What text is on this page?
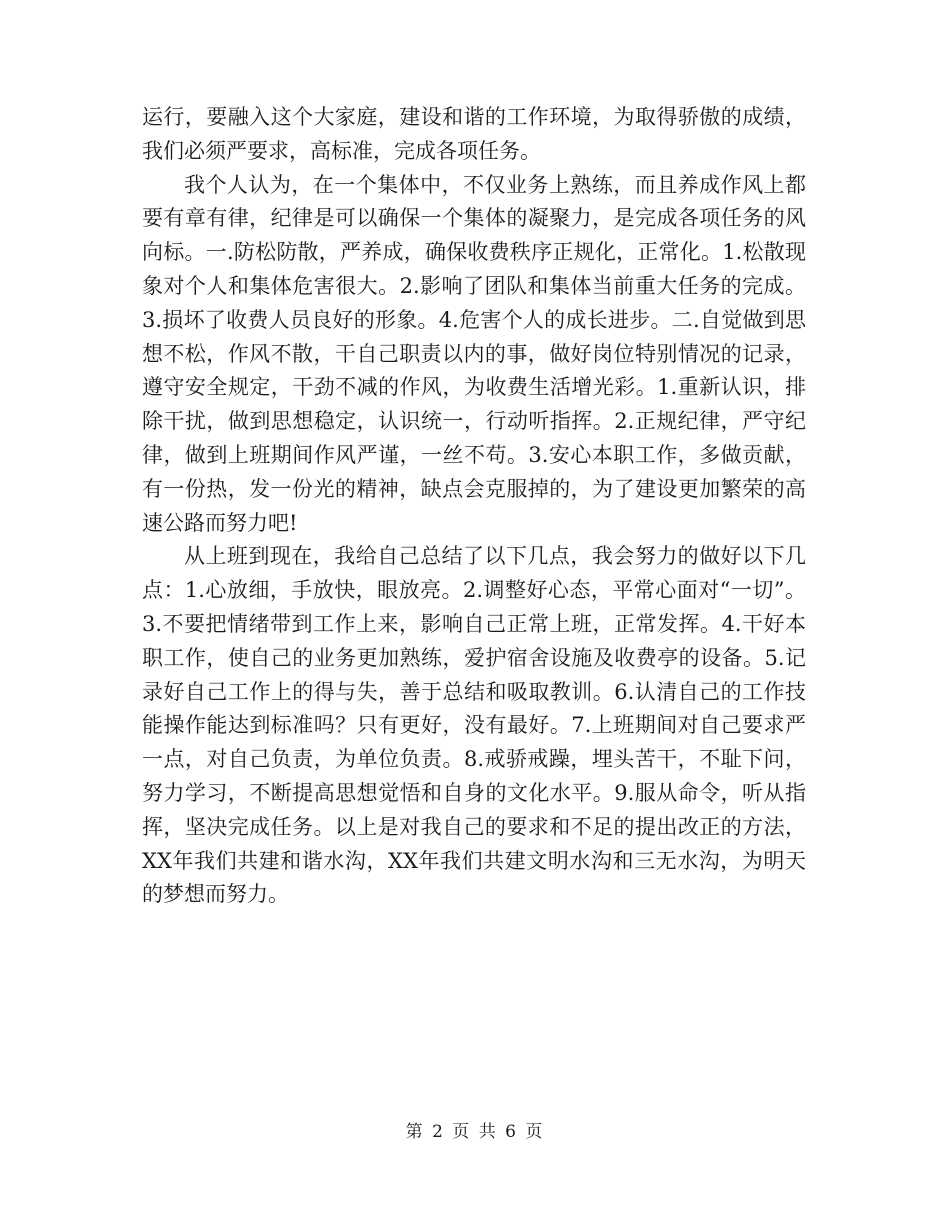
运行，要融入这个大家庭，建设和谐的工作环境，为取得骄傲的成绩，我们必须严要求，高标准，完成各项任务。

我个人认为，在一个集体中，不仅业务上熟练，而且养成作风上都要有章有律，纪律是可以确保一个集体的凝聚力，是完成各项任务的风向标。一.防松防散，严养成，确保收费秩序正规化，正常化。1.松散现象对个人和集体危害很大。2.影响了团队和集体当前重大任务的完成。3.损坏了收费人员良好的形象。4.危害个人的成长进步。二.自觉做到思想不松，作风不散，干自己职责以内的事，做好岗位特别情况的记录，遵守安全规定，干劲不减的作风，为收费生活增光彩。1.重新认识，排除干扰，做到思想稳定，认识统一，行动听指挥。2.正规纪律，严守纪律，做到上班期间作风严谨，一丝不苟。3.安心本职工作，多做贡献，有一份热，发一份光的精神，缺点会克服掉的，为了建设更加繁荣的高速公路而努力吧!

从上班到现在，我给自己总结了以下几点，我会努力的做好以下几点：1.心放细，手放快，眼放亮。2.调整好心态，平常心面对“一切”。3.不要把情绪带到工作上来，影响自己正常上班，正常发挥。4.干好本职工作，使自己的业务更加熟练，爱护宿舍设施及收费亭的设备。5.记录好自己工作上的得与失，善于总结和吸取教训。6.认清自己的工作技能操作能达到标准吗？只有更好，没有最好。7.上班期间对自己要求严一点，对自己负责，为单位负责。8.戒骄戒躁，埋头苦干，不耻下问，努力学习，不断提高思想觉悟和自身的文化水平。9.服从命令，听从指挥，坚决完成任务。以上是对我自己的要求和不足的提出改正的方法，XX年我们共建和谐水沟，XX年我们共建文明水沟和三无水沟，为明天的梦想而努力。

第 2 页 共 6 页
